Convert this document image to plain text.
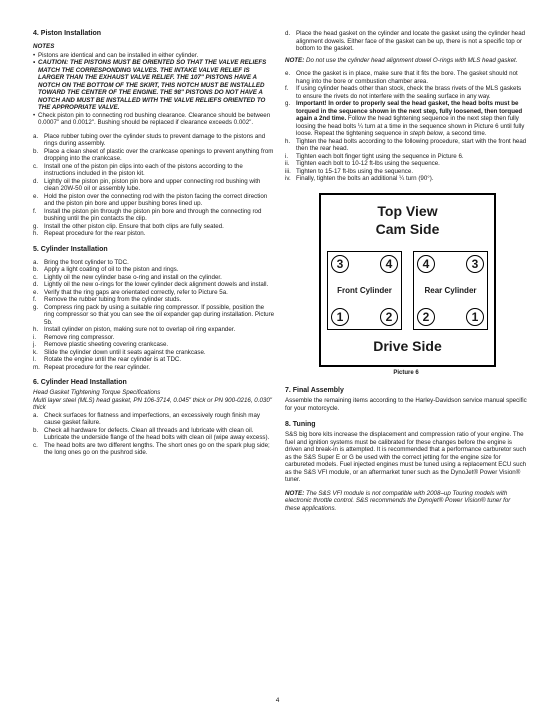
4. Piston Installation

NOTES

• Pistons are identical and can be installed in either cylinder.

• CAUTION: THE PISTONS MUST BE ORIENTED SO THAT THE VALVE RELIEFS MATCH THE CORRESPONDING VALVES. THE INTAKE VALVE RELIEF IS LARGER THAN THE EXHAUST VALVE RELIEF. THE 107" PISTONS HAVE A NOTCH ON THE BOTTOM OF THE SKIRT, THIS NOTCH MUST BE INSTALLED TOWARD THE CENTER OF THE ENGINE. THE 98" PISTONS DO NOT HAVE A NOTCH AND MUST BE INSTALLED WITH THE VALVE RELIEFS ORIENTED TO THE APPROPRIATE VALVE.

• Check piston pin to connecting rod bushing clearance. Clearance should be between 0.0007" and 0.0012". Bushing should be replaced if clearance exceeds 0.002".

a. Place rubber tubing over the cylinder studs to prevent damage to the pistons and rings during assembly.
b. Place a clean sheet of plastic over the crankcase openings to prevent anything from dropping into the crankcase.
c. Install one of the piston pin clips into each of the pistons according to the instructions included in the piston kit.
d. Lightly oil the piston pin, piston pin bore and upper connecting rod bushing with clean 20W-50 oil or assembly lube.
e. Hold the piston over the connecting rod with the piston facing the correct direction and the piston pin bore and upper bushing bores lined up.
f. Install the piston pin through the piston pin bore and through the connecting rod bushing until the pin contacts the clip.
g. Install the other piston clip. Ensure that both clips are fully seated.
h. Repeat procedure for the rear piston.
5. Cylinder Installation
a. Bring the front cylinder to TDC.
b. Apply a light coating of oil to the piston and rings.
c. Lightly oil the new cylinder base o-ring and install on the cylinder.
d. Lightly oil the new o-rings for the lower cylinder deck alignment dowels and install.
e. Verify that the ring gaps are orientated correctly, refer to Picture 5a.
f. Remove the rubber tubing from the cylinder studs.
g. Compress ring pack by using a suitable ring compressor. If possible, position the ring compressor so that you can see the oil expander gap during installation. Picture 5b.
h. Install cylinder on piston, making sure not to overlap oil ring expander.
i. Remove ring compressor.
j. Remove plastic sheeting covering crankcase.
k. Slide the cylinder down until it seats against the crankcase.
l. Rotate the engine until the rear cylinder is at TDC.
m. Repeat procedure for the rear cylinder.
6. Cylinder Head Installation

Head Gasket Tightening Torque Specifications

Multi layer steel (MLS) head gasket, PN 106-3714, 0.045" thick or PN 900-0216, 0.030" thick

a. Check surfaces for flatness and imperfections, an excessively rough finish may cause gasket failure.
b. Check all hardware for defects. Clean all threads and lubricate with clean oil. Lubricate the underside flange of the head bolts with clean oil (wipe away excess).
c. The head bolts are two different lengths. The short ones go on the spark plug side; the long ones go on the pushrod side.
d. Place the head gasket on the cylinder and locate the gasket using the cylinder head alignment dowels. Either face of the gasket can be up, there is not a specific top or bottom to the gasket.

NOTE: Do not use the cylinder head alignment dowel O-rings with MLS head gasket.

e. Once the gasket is in place, make sure that it fits the bore. The gasket should not hang into the bore or combustion chamber area.
f. If using cylinder heads other than stock, check the brass rivets of the MLS gaskets to ensure the rivets do not interfere with the sealing surface in any way.
g. Important! In order to properly seal the head gasket, the head bolts must be torqued in the sequence shown in the next step, fully loosened, then torqued again a 2nd time. Follow the head tightening sequence in the next step then fully loosing the head bolts ¼ turn at a time in the sequence shown in Picture 6 until fully loose. Repeat the tightening sequence in steph below, a second time.
h. Tighten the head bolts according to the following procedure, start with the front head then the rear head.
i. Tighten each bolt finger tight using the sequence in Picture 6.
ii. Tighten each bolt to 10-12 ft-lbs using the sequence.
iii. Tighten to 15-17 ft-lbs using the sequence.
iv. Finally, tighten the bolts an additional ¼ turn (90°).
Top View
Cam Side
3	4
Front Cylinder
1	2
4	3
Rear Cylinder
2	1
Drive Side
Picture 6
7. Final Assembly

Assemble the remaining items according to the Harley-Davidson service manual specific for your motorcycle.

8. Tuning

S&S big bore kits increase the displacement and compression ratio of your engine. The fuel and ignition systems must be calibrated for these changes before the engine is driven and break-in is attempted. It is recommended that a performance carburetor such as the S&S Super E or G be used with the correct jetting for the engine size for carbureted models. Fuel injected engines must be tuned using a replacement ECU such as the S&S VFI module, or an aftermarket tuner such as the DynoJet® Power Vision® tuner.

NOTE: The S&S VFI module is not compatible with 2008–up Touring models with electronic throttle control. S&S recommends the Dynojet® Power Vision® tuner for these applications.

4
